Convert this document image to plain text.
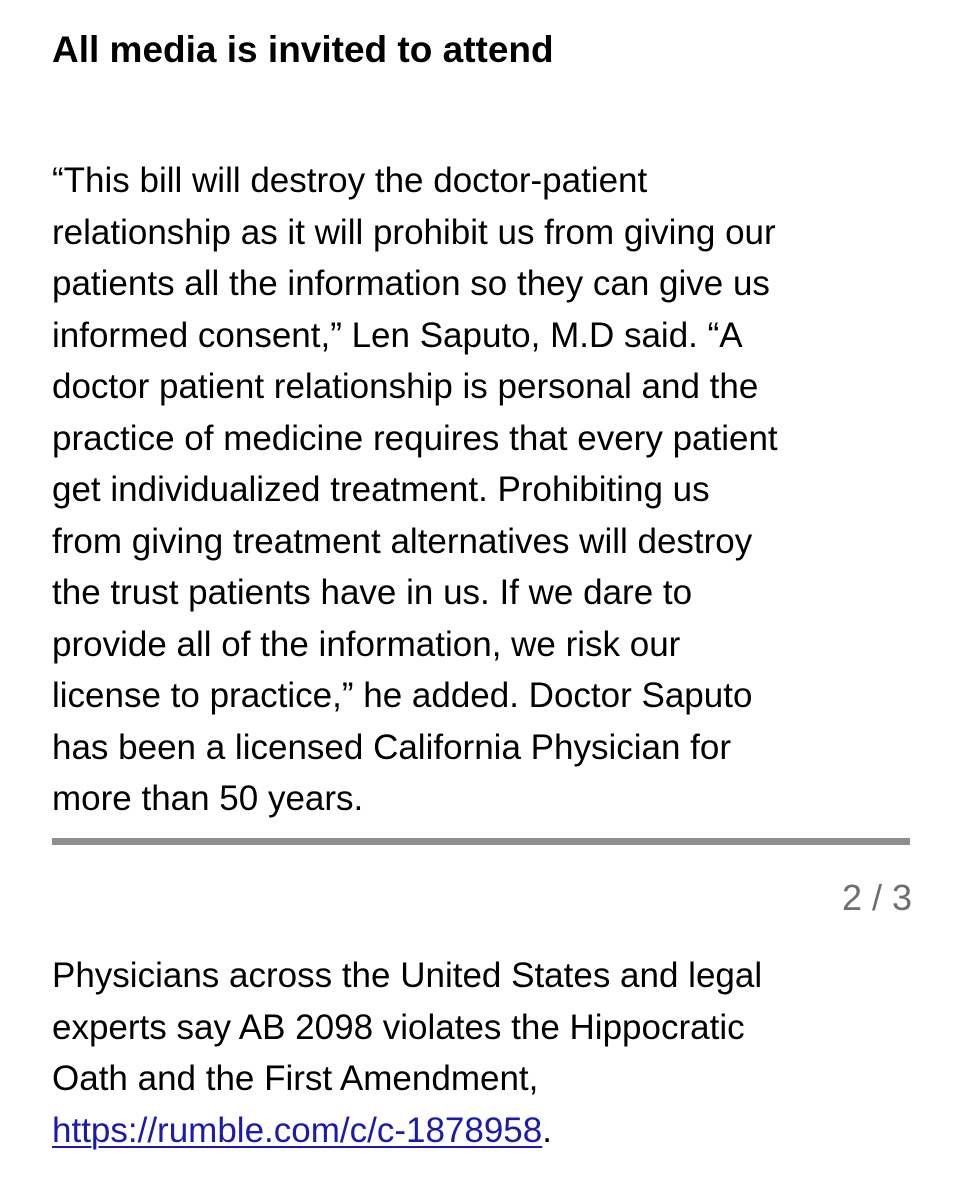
All media is invited to attend
“This bill will destroy the doctor-patient
relationship as it will prohibit us from giving our
patients all the information so they can give us
informed consent,” Len Saputo, M.D said. “A
doctor patient relationship is personal and the
practice of medicine requires that every patient
get individualized treatment. Prohibiting us
from giving treatment alternatives will destroy
the trust patients have in us. If we dare to
provide all of the information, we risk our
license to practice,” he added. Doctor Saputo
has been a licensed California Physician for
more than 50 years.
2 / 3
Physicians across the United States and legal
experts say AB 2098 violates the Hippocratic
Oath and the First Amendment,
https://rumble.com/c/c-1878958.
